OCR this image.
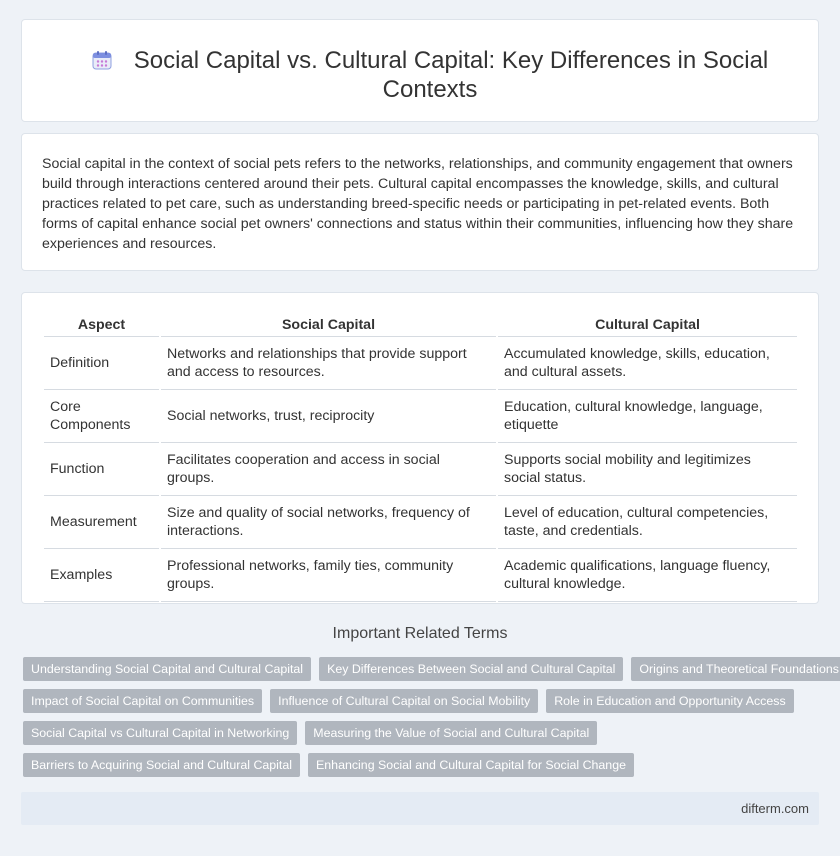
Social Capital vs. Cultural Capital: Key Differences in Social Contexts

Social capital in the context of social pets refers to the networks, relationships, and community engagement that owners build through interactions centered around their pets. Cultural capital encompasses the knowledge, skills, and cultural practices related to pet care, such as understanding breed-specific needs or participating in pet-related events. Both forms of capital enhance social pet owners' connections and status within their communities, influencing how they share experiences and resources.

Aspect	Social Capital	Cultural Capital
Definition	Networks and relationships that provide support and access to resources.	Accumulated knowledge, skills, education, and cultural assets.
Core Components	Social networks, trust, reciprocity	Education, cultural knowledge, language, etiquette
Function	Facilitates cooperation and access in social groups.	Supports social mobility and legitimizes social status.
Measurement	Size and quality of social networks, frequency of interactions.	Level of education, cultural competencies, taste, and credentials.
Examples	Professional networks, family ties, community groups.	Academic qualifications, language fluency, cultural knowledge.
Important Related Terms
Understanding Social Capital and Cultural Capital	Key Differences Between Social and Cultural Capital	Origins and Theoretical Foundations
Impact of Social Capital on Communities	Influence of Cultural Capital on Social Mobility	Role in Education and Opportunity Access
Social Capital vs Cultural Capital in Networking	Measuring the Value of Social and Cultural Capital
Barriers to Acquiring Social and Cultural Capital	Enhancing Social and Cultural Capital for Social Change
difterm.com
